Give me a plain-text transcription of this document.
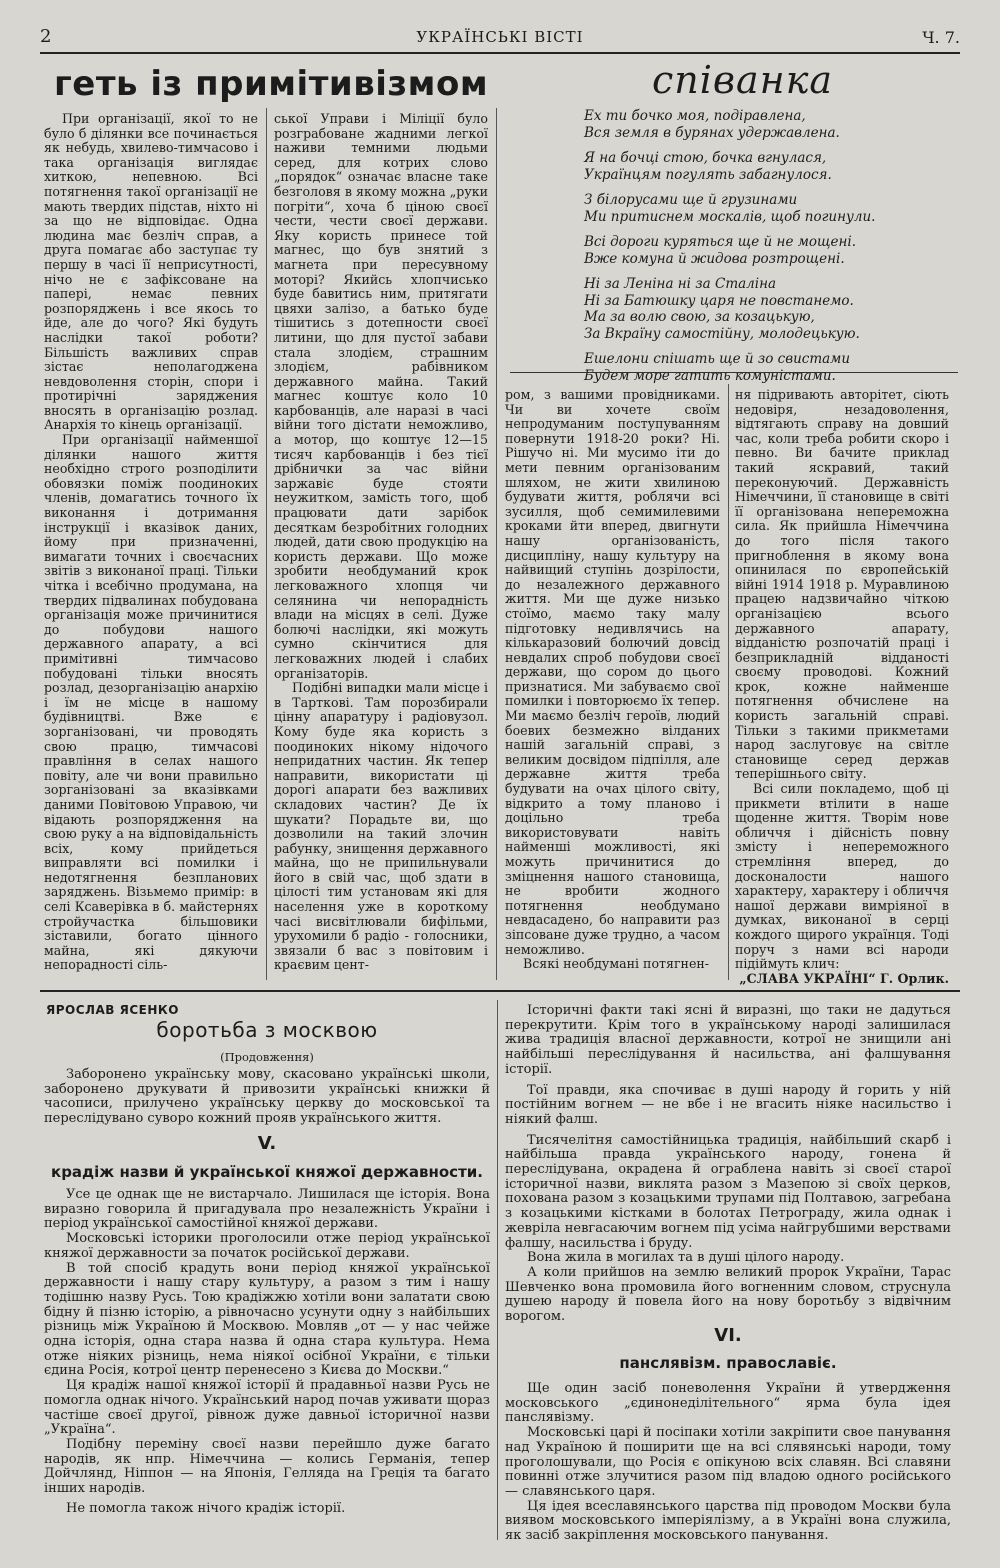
2	УКРАЇНСЬКІ ВІСТІ	Ч. 7.
геть із примітивізмом	співанка
Ех ти бочко моя, подіравлена,
Вся земля в бурянах удержавлена.
Я на бочці стою, бочка вгнулася,
Українцям погулять забагнулося.
З білорусами ще й грузинами
Ми притиснем москалів, щоб погинули.
Всі дороги куряться ще й не мощені.
Вже комуна й жидова розтрощені.
Ні за Леніна ні за Сталіна
Ні за Батюшку царя не повстанемо.
Ма за волю свою, за козацькую,
За Вкраїну самостійну, молодецькую.
Ешелони спішать ще й зо свистами
Будем море гатить комуністами.

При організації, якої то не було б ділянки все починається як небудь, хвилево-тимчасово і така організація виглядає хиткою, непевною. Всі потягнення такої організації не мають твердих підстав, ніхто ні за що не відповідає. Одна людина має безліч справ, а друга помагає або заступає ту першу в часі її неприсутності, нічо не є зафіксоване на папері, немає певних розпоряджень і все якось то йде, але до чого? Які будуть наслідки такої роботи? Більшість важливих справ зістає неполагоджена невдоволення сторін, спори і протирічні заряджения вносять в організацію розлад. Анархія то кінець організації.

При організації найменшої ділянки нашого життя необхідно строго розподілити обовязки поміж поодиноких членів, домагатись точного їх виконання і дотримання інструкції і вказівок даних, йому при призначенні, вимагати точних і своєчасних звітів з виконаної праці. Тільки чітка і всебічно продумана, на твердих підвалинах побудована організація може причинитися до побудови нашого державного апарату, а всі примітивні тимчасово побудовані тільки вносять розлад, дезорганізацію анархію і їм не місце в нашому будівництві. Вже є зорганізовані, чи проводять свою працю, тимчасові правління в селах нашого повіту, але чи вони правильно зорганізовані за вказівками даними Повітовою Управою, чи відають розпорядження на свою руку а на відповідальність всіх, кому прийдеться виправляти всі помилки і недотягнення безпланових заряджень. Візьмемо примір: в селі Ксаверівка в б. майстернях стройучастка більшовики зіставили, богато цінного майна, які дякуючи непорадності сіль-

ської Управи і Міліції було розграбоване жадними легкої наживи темними людьми серед, для котрих слово „порядок“ означає власне таке безголовя в якому можна „руки погріти“, хоча б ціною своєї чести, чести своєї держави. Яку користь принесе той магнес, що був знятий з магнета при пересувному моторі? Якийсь хлопчисько буде бавитись ним, притягати цвяхи залізо, а батько буде тішитись з дотепности своєї литини, що для пустої забави стала злодієм, страшним злодієм, рабівником державного майна. Такий магнес коштує коло 10 карбованців, але наразі в часі війни того дістати неможливо, а мотор, що коштує 12—15 тисяч карбованців і без тієї дрібнички за час війни заржавіє буде стояти неужитком, замість того, щоб працювати дати зарібок десяткам безробітних голодних людей, дати свою продукцію на користь держави. Що може зробити необдуманий крок легковажного хлопця чи селянина чи непорадність влади на місцях в селі. Дуже болючі наслідки, які можуть сумно скінчитися для легковажних людей і слабих організаторів.

Подібні випадки мали місце і в Тарткові. Там порозбирали цінну апаратуру і радіовузол. Кому буде яка користь з поодиноких нікому нідочого непридатних частин. Як тепер направити, використати ці дорогі апарати без важливих складових частин? Де їх шукати? Порадьте ви, що дозволили на такий злочин рабунку, знищення державного майна, що не припильнували його в свій час, щоб здати в цілості тим установам які для населення уже в короткому часі висвітлювали бифільми, урухомили б радіо - голосники, звязали б вас з повітовим і краєвим цент-

ром, з вашими провідниками. Чи ви хочете своїм непродуманим поступуванням повернути 1918-20 роки? Ні. Рішучо ні. Ми мусимо іти до мети певним організованим шляхом, не жити хвилиною будувати життя, роблячи всі зусилля, щоб семимилевими кроками йти вперед, двигнути нашу організованість, дисципліну, нашу культуру на найвищий ступінь дозрілости, до незалежного державного життя. Ми ще дуже низько стоїмо, маємо таку малу підготовку недивлячись на кількаразовий болючий довсід невдалих спроб побудови своєї держави, що сором до цього признатися. Ми забуваємо свої помилки і повторюємо їх тепер. Ми маємо безліч героїв, людий боевих безмежно вілданих нашій загальній справі, з великим досвідом підпілля, але державне життя треба будувати на очах цілого світу, відкрито а тому планово і доцільно треба використовувати навіть найменші можливості, які можуть причинитися до зміцнення нашого становища, не вробити жодного потягнення необдумано невдасадено, бо направити раз зіпсоване дуже трудно, а часом неможливо.

Всякі необдумані потягнен-

ня підривають авторітет, сіють недовіря, незадоволення, відтягають справу на довший час, коли треба робити скоро і певно. Ви бачите приклад такий яскравий, такий переконуючий. Державність Німеччини, її становище в світі її організована непереможна сила. Як прийшла Німеччина до того після такого пригноблення в якому вона опинилася по європейській війні 1914 1918 р. Муравлиною працею надзвичайно чіткою організацією всього державного апарату, відданістю розпочатій праці і безприкладній відданості своєму проводові. Кожний крок, кожне найменше потягнення обчислене на користь загальній справі. Тільки з такими прикметами народ заслуговує на світле становище серед держав теперішнього світу.

Всі сили покладемо, щоб ці прикмети втілити в наше щоденне життя. Творім нове обличчя і дійсність повну змісту і непереможного стремління вперед, до досконалости нашого характеру, характеру і обличчя нашої держави вимріяної в думках, виконаної в серці кождого щирого українця. Тоді поруч з нами всі народи підіймуть клич:

„СЛАВА УКРАЇНІ“ Г. Орлик.

ЯРОСЛАВ ЯСЕНКО
боротьба з москвою
(Продовження)

Заборонено українську мову, скасовано українські школи, заборонено друкувати й привозити українські книжки й часописи, прилучено українську церкву до московської та переслідувано суворо кожний прояв українського життя.

V.
крадіж назви й української княжої державности.

Усе це однак ще не вистарчало. Лишилася ще історія. Вона виразно говорила й пригадувала про незалежність України і період української самостійної княжої держави.

Московські історики проголосили отже період української княжої державности за початок російської держави.

В той спосіб крадуть вони період княжої української державности і нашу стару культуру, а разом з тим і нашу тодішню назву Русь. Тою крадіжжю хотіли вони залатати свою бідну й пізню історію, а рівночасно усунути одну з найбільших різниць між Україною й Москвою. Мовляв „от — у нас чейже одна історія, одна стара назва й одна стара культура. Нема отже ніяких різниць, нема ніякої осібної України, є тільки єдина Росія, котрої центр перенесено з Києва до Москви.“

Ця крадіж нашої княжої історії й прадавньої назви Русь не помогла однак нічого. Український народ почав уживати щораз частіше своєї другої, рівнож дуже давньої історичної назви „Україна“.

Подібну переміну своєї назви перейшло дуже багато народів, як нпр. Німеччина — колись Германія, тепер Дойчлянд, Ніппон — на Японія, Гелляда на Греція та багато інших народів.

Не помогла також нічого крадіж історії.

Історичні факти такі ясні й виразні, що таки не дадуться перекрутити. Крім того в українському народі залишилася жива традиція власної державности, котрої не знищили ані найбільші переслідування й насильства, ані фалшування історії.

Тої правди, яка спочиває в душі народу й горить у ній постійним вогнем — не вбе і не вгасить ніяке насильство і ніякий фалш.

Тисячелітня самостійницька традиція, найбільший скарб і найбільша правда українського народу, гонена й переслідувана, окрадена й ограблена навіть зі своєї старої історичної назви, виклята разом з Мазепою зі своїх церков, похована разом з козацькими трупами під Полтавою, загребана з козацькими кістками в болотах Петрограду, жила однак і жевріла невгасаючим вогнем під усіма найгрубшими верствами фалшу, насильства і бруду.

Вона жила в могилах та в душі цілого народу.

А коли прийшов на землю великий пророк України, Тарас Шевченко вона промовила його вогненним словом, струснула душею народу й повела його на нову боротьбу з відвічним ворогом.

VI.
панслявізм. православіє.

Ще один засіб поневолення України й утвердження московського „єдинонеділітельного“ ярма була ідея панслявізму.

Московські царі й посіпаки хотіли закріпити свое панування над Україною й поширити ще на всі слявянські народи, тому проголошували, що Росія є опікуною всіх славян. Всі славяни повинні отже злучитися разом під владою одного російського — славянського царя.

Ця ідея всеславянського царства під проводом Москви була виявом московського імперіялізму, а в Україні вона служила, як засіб закріплення московського панування.
